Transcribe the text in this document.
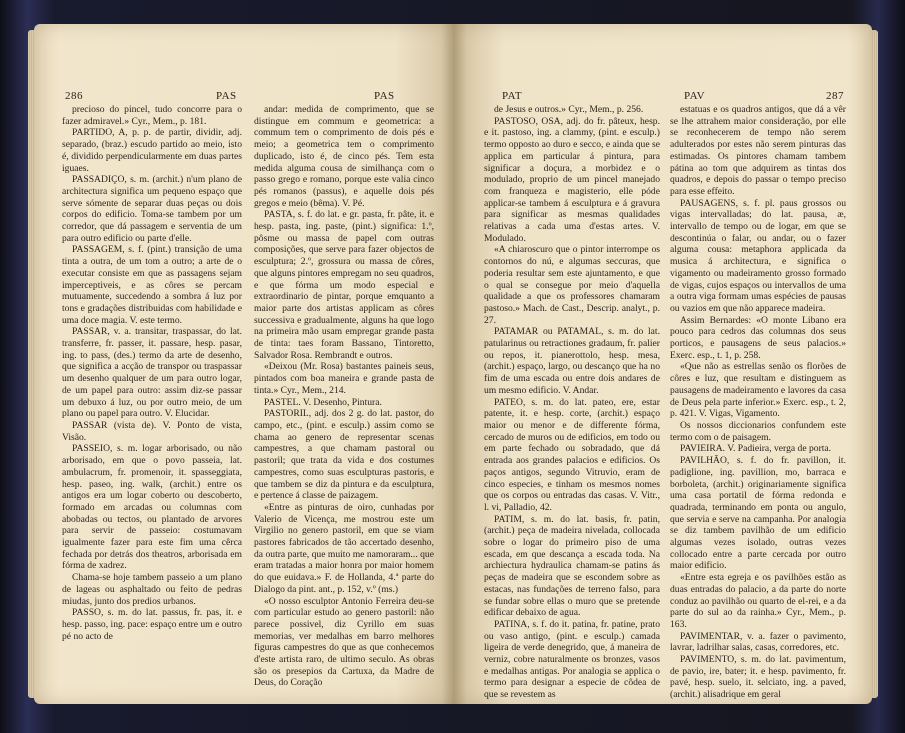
286	PAS	PAS

precioso do pincel, tudo concorre para o fazer admiravel.» Cyr., Mem., p. 181.

PARTIDO, A, p. p. de partir, dividir, adj. separado, (braz.) escudo partido ao meio, isto é, dividido perpendicularmente em duas partes iguaes.

PASSADIÇO, s. m. (archit.) n'um plano de architectura significa um pequeno espaço que serve sómente de separar duas peças ou dois corpos do edificio. Toma-se tambem por um corredor, que dá passagem e serventia de um para outro edificio ou parte d'elle.

PASSAGEM, s. f. (pint.) transição de uma tinta a outra, de um tom a outro; a arte de o executar consiste em que as passagens sejam imperceptiveis, e as côres se percam mutuamente, succedendo a sombra á luz por tons e gradações distribuidas com habilidade e uma doce magia. V. este termo.

PASSAR, v. a. transitar, traspassar, do lat. transferre, fr. passer, it. passare, hesp. pasar, ing. to pass, (des.) termo da arte de desenho, que significa a acção de transpor ou traspassar um desenho qualquer de um para outro logar, de um papel para outro: assim diz-se passar um debuxo á luz, ou por outro meio, de um plano ou papel para outro. V. Elucidar.

PASSAR (vista de). V. Ponto de vista, Visão.

PASSEIO, s. m. logar arborisado, ou não arborisado, em que o povo passeia, lat. ambulacrum, fr. promenoir, it. spasseggiata, hesp. paseo, ing. walk, (archit.) entre os antigos era um logar coberto ou descoberto, formado em arcadas ou columnas com abobadas ou tectos, ou plantado de arvores para servir de passeio: costumavam igualmente fazer para este fim uma cêrca fechada por detrás dos theatros, arborisada em fórma de xadrez.

Chama-se hoje tambem passeio a um plano de lageas ou asphaltado ou feito de pedras miudas, junto dos predios urbanos.

PASSO, s. m. do lat. passus, fr. pas, it. e hesp. passo, ing. pace: espaço entre um e outro pé no acto de

andar: medida de comprimento, que se distingue em commum e geometrica: a commum tem o comprimento de dois pés e meio; a geometrica tem o comprimento duplicado, isto é, de cinco pés. Tem esta medida alguma cousa de similhança com o passo grego e romano, porque este valia cinco pés romanos (passus), e aquelle dois pés gregos e meio (bêma). V. Pé.

PASTA, s. f. do lat. e gr. pasta, fr. pâte, it. e hesp. pasta, ing. paste, (pint.) significa: 1.º, pôsme ou massa de papel com outras composições, que serve para fazer objectos de esculptura; 2.º, grossura ou massa de côres, que alguns pintores empregam no seu quadros, e que fórma um modo especial e extraordinario de pintar, porque emquanto a maior parte dos artistas applicam as côres successiva e gradualmente, alguns ha que logo na primeira mão usam empregar grande pasta de tinta: taes foram Bassano, Tintoretto, Salvador Rosa. Rembrandt e outros.

«Deixou (Mr. Rosa) bastantes paineis seus, pintados com boa maneira e grande pasta de tinta.» Cyr., Mem., 214.

PASTEL. V. Desenho, Pintura.

PASTORIL, adj. dos 2 g. do lat. pastor, do campo, etc., (pint. e esculp.) assim como se chama ao genero de representar scenas campestres, a que chamam pastoral ou pastoril; que trata da vida e dos costumes campestres, como suas esculpturas pastoris, e que tambem se diz da pintura e da esculptura, e pertence á classe de paizagem.

«Entre as pinturas de oiro, cunhadas por Valerio de Vicença, me mostrou este um Virgilio no genero pastoril, em que se viam pastores fabricados de tão accertado desenho, da outra parte, que muito me namoraram... que eram tratadas a maior honra por maior homem do que euidava.» F. de Hollanda, 4.ª parte do Dialogo da pint. ant., p. 152, v.º (ms.)

«O nosso esculptor Antonio Ferreira deu-se com particular estudo ao genero pastoril: não parece possivel, diz Cyrillo em suas memorias, ver medalhas em barro melhores figuras campestres do que as que conhecemos d'este artista raro, de ultimo seculo. As obras são os presepios da Cartuxa, da Madre de Deus, do Coração

PAT	PAV	287

de Jesus e outros.» Cyr., Mem., p. 256.

PASTOSO, OSA, adj. do fr. pâteux, hesp. e it. pastoso, ing. a clammy, (pint. e esculp.) termo opposto ao duro e secco, e ainda que se applica em particular á pintura, para significar a doçura, a morbidez e o modulado, proprio de um pincel manejado com franqueza e magisterio, elle póde applicar-se tambem á esculptura e á gravura para significar as mesmas qualidades relativas a cada uma d'estas artes. V. Modulado.

«A chiaroscuro que o pintor interrompe os contornos do nú, e algumas seccuras, que poderia resultar sem este ajuntamento, e que o qual se consegue por meio d'aquella qualidade a que os professores chamaram pastoso.» Mach. de Cast., Descrip. analyt., p. 27.

PATAMAR ou PATAMAL, s. m. do lat. patularinus ou retractiones gradaum, fr. palier ou repos, it. pianerottolo, hesp. mesa, (archit.) espaço, largo, ou descanço que ha no fim de uma escada ou entre dois andares de um mesmo edificio. V. Andar.

PATEO, s. m. do lat. pateo, ere, estar patente, it. e hesp. corte, (archit.) espaço maior ou menor e de differente fórma, cercado de muros ou de edificios, em todo ou em parte fechado ou sobradado, que dá entrada aos grandes palacios e edificios. Os paços antigos, segundo Vitruvio, eram de cinco especies, e tinham os mesmos nomes que os corpos ou entradas das casas. V. Vitr., l. vi, Palladio, 42.

PATIM, s. m. do lat. basis, fr. patin, (archit.) peça de madeira nivelada, collocada sobre o logar do primeiro piso de uma escada, em que descança a escada toda. Na archiectura hydraulica chamam-se patins ás peças de madeira que se escondem sobre as estacas, nas fundações de terreno falso, para se fundar sobre ellas o muro que se pretende edificar debaixo de agua.

PATINA, s. f. do it. patina, fr. patine, prato ou vaso antigo, (pint. e esculp.) camada ligeira de verde denegrido, que, á maneira de verniz, cobre naturalmente os bronzes, vasos e medalhas antigas. Por analogia se applica o termo para designar a especie de côdea de que se revestem as

estatuas e os quadros antigos, que dá a vêr se lhe attrahem maior consideração, por elle se reconhecerem de tempo não serem adulterados por estes não serem pinturas das estimadas. Os pintores chamam tambem pátina ao tom que adquirem as tintas dos quadros, e depois do passar o tempo preciso para esse effeito.

PAUSAGENS, s. f. pl. paus grossos ou vigas intervalladas; do lat. pausa, æ, intervallo de tempo ou de logar, em que se descontinúa o falar, ou andar, ou o fazer alguma cousa: metaphora applicada da musica á architectura, e significa o vigamento ou madeiramento grosso formado de vigas, cujos espaços ou intervallos de uma a outra viga formam umas espécies de pausas ou vazios em que não apparece madeira.

Assim Bernardes: «O monte Libano era pouco para cedros das columnas dos seus porticos, e pausagens de seus palacios.» Exerc. esp., t. 1, p. 258.

«Que não as estrellas senão os florões de côres e luz, que resultam e distinguem as pausagens de madeiramento e lavores da casa de Deus pela parte inferior.» Exerc. esp., t. 2, p. 421. V. Vigas, Vigamento.

Os nossos diccionarios confundem este termo com o de paisagem.

PAVIEIRA. V. Padieira, verga de porta.

PAVILHÃO, s. f. do fr. pavillon, it. padiglione, ing. pavillion, mo, barraca e borboleta, (archit.) originariamente significa uma casa portatil de fórma redonda e quadrada, terminando em ponta ou angulo, que servia e serve na campanha. Por analogia se diz tambem pavilhão de um edificio algumas vezes isolado, outras vezes collocado entre a parte cercada por outro maior edificio.

«Entre esta egreja e os pavilhões estão as duas entradas do palacio, a da parte do norte conduz ao pavilhão ou quarto de el-rei, e a da parte do sul ao da rainha.» Cyr., Mem., p. 163.

PAVIMENTAR, v. a. fazer o pavimento, lavrar, ladrilhar salas, casas, corredores, etc.

PAVIMENTO, s. m. do lat. pavimentum, de pavio, ire, bater; it. e hesp. pavimento, fr. pavé, hesp. suelo, it. selciato, ing. a paved, (archit.) alisadrique em geral
